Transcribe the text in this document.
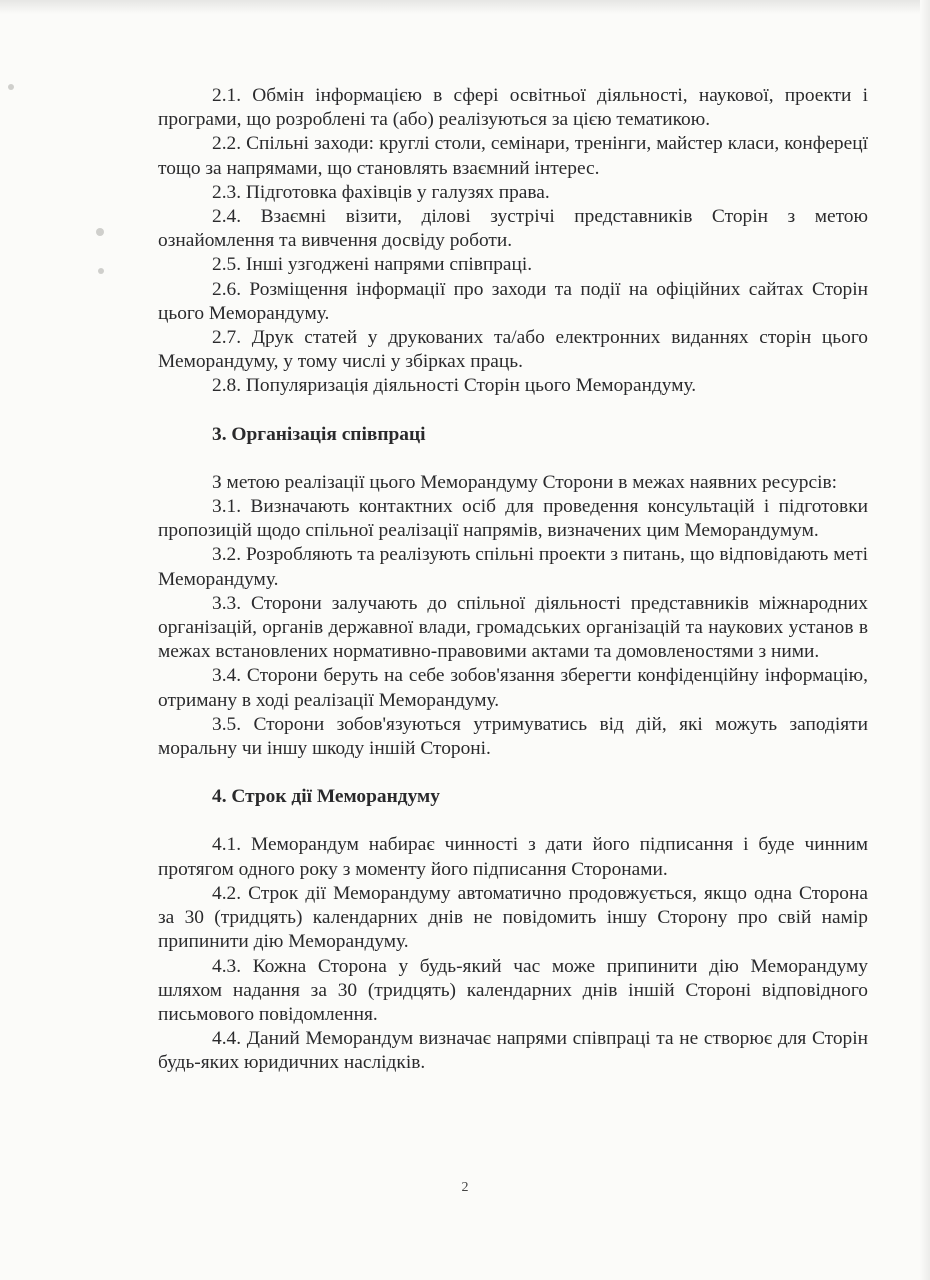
2.1. Обмін інформацією в сфері освітньої діяльності, наукової, проекти і програми, що розроблені та (або) реалізуються за цією тематикою.

2.2. Спільні заходи: круглі столи, семінари, тренінги, майстер класи, конферецї тощо за напрямами, що становлять взаємний інтерес.

2.3. Підготовка фахівців у галузях права.

2.4. Взаємні візити, ділові зустрічі представників Сторін з метою ознайомлення та вивчення досвіду роботи.

2.5. Інші узгоджені напрями співпраці.

2.6. Розміщення інформації про заходи та події на офіційних сайтах Сторін цього Меморандуму.

2.7. Друк статей у друкованих та/або електронних виданнях сторін цього Меморандуму, у тому числі у збірках праць.

2.8. Популяризація діяльності Сторін цього Меморандуму.

3. Організація співпраці

З метою реалізації цього Меморандуму Сторони в межах наявних ресурсів:

3.1. Визначають контактних осіб для проведення консультацій і підготовки пропозицій щодо спільної реалізації напрямів, визначених цим Меморандумум.

3.2. Розробляють та реалізують спільні проекти з питань, що відповідають меті Меморандуму.

3.3. Сторони залучають до спільної діяльності представників міжнародних організацій, органів державної влади, громадських організацій та наукових установ в межах встановлених нормативно-правовими актами та домовленостями з ними.

3.4. Сторони беруть на себе зобов'язання зберегти конфіденційну інформацію, отриману в ході реалізації Меморандуму.

3.5. Сторони зобов'язуються утримуватись від дій, які можуть заподіяти моральну чи іншу шкоду іншій Стороні.

4. Строк дії Меморандуму

4.1. Меморандум набирає чинності з дати його підписання і буде чинним протягом одного року з моменту його підписання Сторонами.

4.2. Строк дії Меморандуму автоматично продовжується, якщо одна Сторона за 30 (тридцять) календарних днів не повідомить іншу Сторону про свій намір припинити дію Меморандуму.

4.3. Кожна Сторона у будь-який час може припинити дію Меморандуму шляхом надання за 30 (тридцять) календарних днів іншій Стороні відповідного письмового повідомлення.

4.4. Даний Меморандум визначає напрями співпраці та не створює для Сторін будь-яких юридичних наслідків.

2
